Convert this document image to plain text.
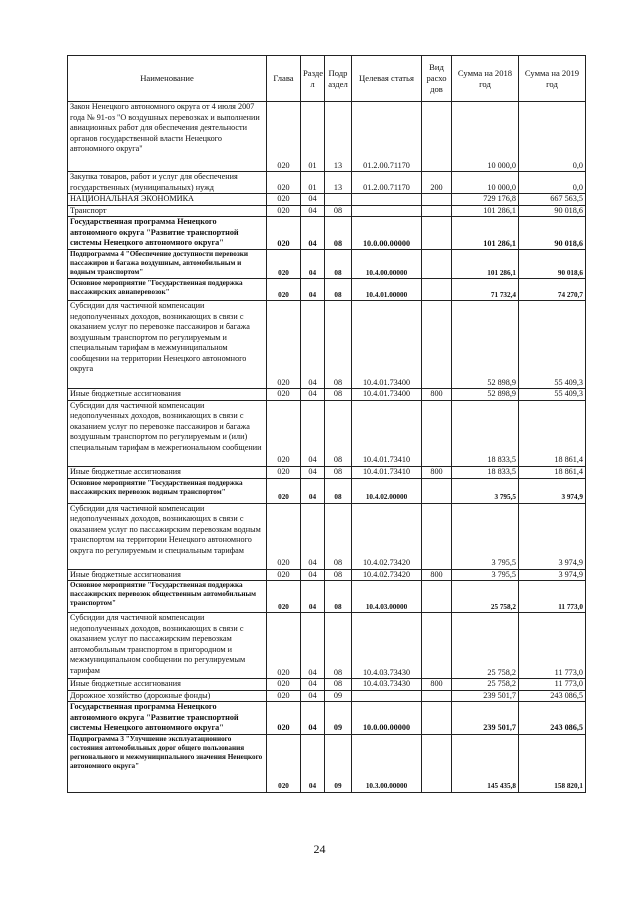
Наименование	Глава	Разде л	Подр аздел	Целевая статья	Вид расхо дов	Сумма на 2018 год	Сумма на 2019 год
Закон Ненецкого автономного округа от 4 июля 2007 года № 91-оз "О воздушных перевозках и выполнении авиационных работ для обеспечения деятельности органов государственной власти Ненецкого автономного округа"	020	01	13	01.2.00.71170		10 000,0	0,0
Закупка товаров, работ и услуг для обеспечения государственных (муниципальных) нужд	020	01	13	01.2.00.71170	200	10 000,0	0,0
НАЦИОНАЛЬНАЯ ЭКОНОМИКА	020	04				729 176,8	667 563,5
Транспорт	020	04	08			101 286,1	90 018,6
Государственная программа Ненецкого автономного округа "Развитие транспортной системы Ненецкого автономного округа"	020	04	08	10.0.00.00000		101 286,1	90 018,6
Подпрограмма 4 "Обеспечение доступности перевозки пассажиров и багажа воздушным, автомобильным и водным транспортом"	020	04	08	10.4.00.00000		101 286,1	90 018,6
Основное мероприятие "Государственная поддержка пассажирских авиаперевозок"	020	04	08	10.4.01.00000		71 732,4	74 270,7
Субсидии для частичной компенсации недополученных доходов, возникающих в связи с оказанием услуг по перевозке пассажиров и багажа воздушным транспортом по регулируемым и специальным тарифам в межмуниципальном сообщении на территории Ненецкого автономного округа	020	04	08	10.4.01.73400		52 898,9	55 409,3
Иные бюджетные ассигнования	020	04	08	10.4.01.73400	800	52 898,9	55 409,3
Субсидии для частичной компенсации недополученных доходов, возникающих в связи с оказанием услуг по перевозке пассажиров и багажа воздушным транспортом по регулируемым и (или) специальным тарифам в межрегиональном сообщении	020	04	08	10.4.01.73410		18 833,5	18 861,4
Иные бюджетные ассигнования	020	04	08	10.4.01.73410	800	18 833,5	18 861,4
Основное мероприятие "Государственная поддержка пассажирских перевозок водным транспортом"	020	04	08	10.4.02.00000		3 795,5	3 974,9
Субсидии для частичной компенсации недополученных доходов, возникающих в связи с оказанием услуг по пассажирским перевозкам водным транспортом на территории Ненецкого автономного округа по регулируемым и специальным тарифам	020	04	08	10.4.02.73420		3 795,5	3 974,9
Иные бюджетные ассигнования	020	04	08	10.4.02.73420	800	3 795,5	3 974,9
Основное мероприятие "Государственная поддержка пассажирских перевозок общественным автомобильным транспортом"	020	04	08	10.4.03.00000		25 758,2	11 773,0
Субсидии для частичной компенсации недополученных доходов, возникающих в связи с оказанием услуг по пассажирским перевозкам автомобильным транспортом в пригородном и межмуниципальном сообщении по регулируемым тарифам	020	04	08	10.4.03.73430		25 758,2	11 773,0
Иные бюджетные ассигнования	020	04	08	10.4.03.73430	800	25 758,2	11 773,0
Дорожное хозяйство (дорожные фонды)	020	04	09			239 501,7	243 086,5
Государственная программа Ненецкого автономного округа "Развитие транспортной системы Ненецкого автономного округа"	020	04	09	10.0.00.00000		239 501,7	243 086,5
Подпрограмма 3 "Улучшение эксплуатационного состояния автомобильных дорог общего пользования регионального и межмуниципального значения Ненецкого автономного округа"	020	04	09	10.3.00.00000		145 435,8	158 820,1
24
